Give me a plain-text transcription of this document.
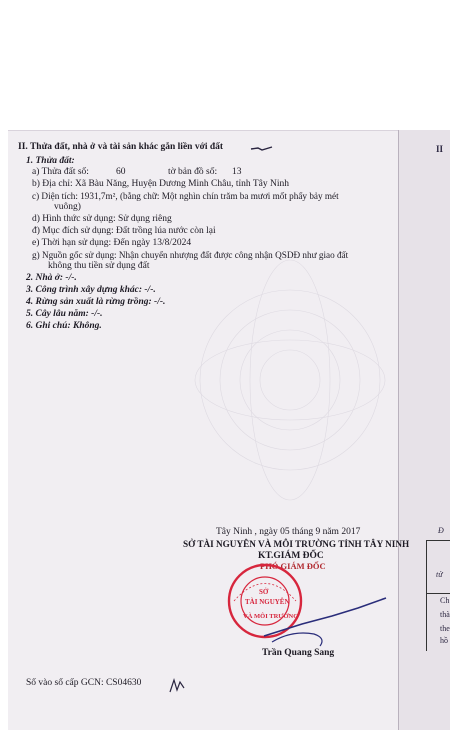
II. Thửa đất, nhà ở và tài sản khác gắn liền với đất	II
1. Thửa đất:
a) Thửa đất số:	60	tờ bản đồ số: 13
b) Địa chỉ: Xã Bàu Năng, Huyện Dương Minh Châu, tỉnh Tây Ninh
c) Diện tích: 1931,7m², (bằng chữ: Một nghìn chín trăm ba mươi mốt phẩy bảy mét
vuông)
d) Hình thức sử dụng: Sử dụng riêng
đ) Mục đích sử dụng: Đất trồng lúa nước còn lại
e) Thời hạn sử dụng: Đến ngày 13/8/2024
g) Nguồn gốc sử dụng: Nhận chuyển nhượng đất được công nhận QSDĐ như giao đất
không thu tiền sử dụng đất
2. Nhà ở: -/-.
3. Công trình xây dựng khác: -/-.
4. Rừng sản xuất là rừng trồng: -/-.
5. Cây lâu năm: -/-.
6. Ghi chú: Không.
Tây Ninh , ngày 05 tháng 9 năm 2017
SỞ TÀI NGUYÊN VÀ MÔI TRƯỜNG TỈNH TÂY NINH
KT.GIÁM ĐỐC
PHÓ GIÁM ĐỐC
SỞ
TÀI NGUYÊN
VÀ MÔI TRƯỜNG
Trần Quang Sang
Số vào sổ cấp GCN: CS04630
Đ
tử
Ch
thà
the
hồ
